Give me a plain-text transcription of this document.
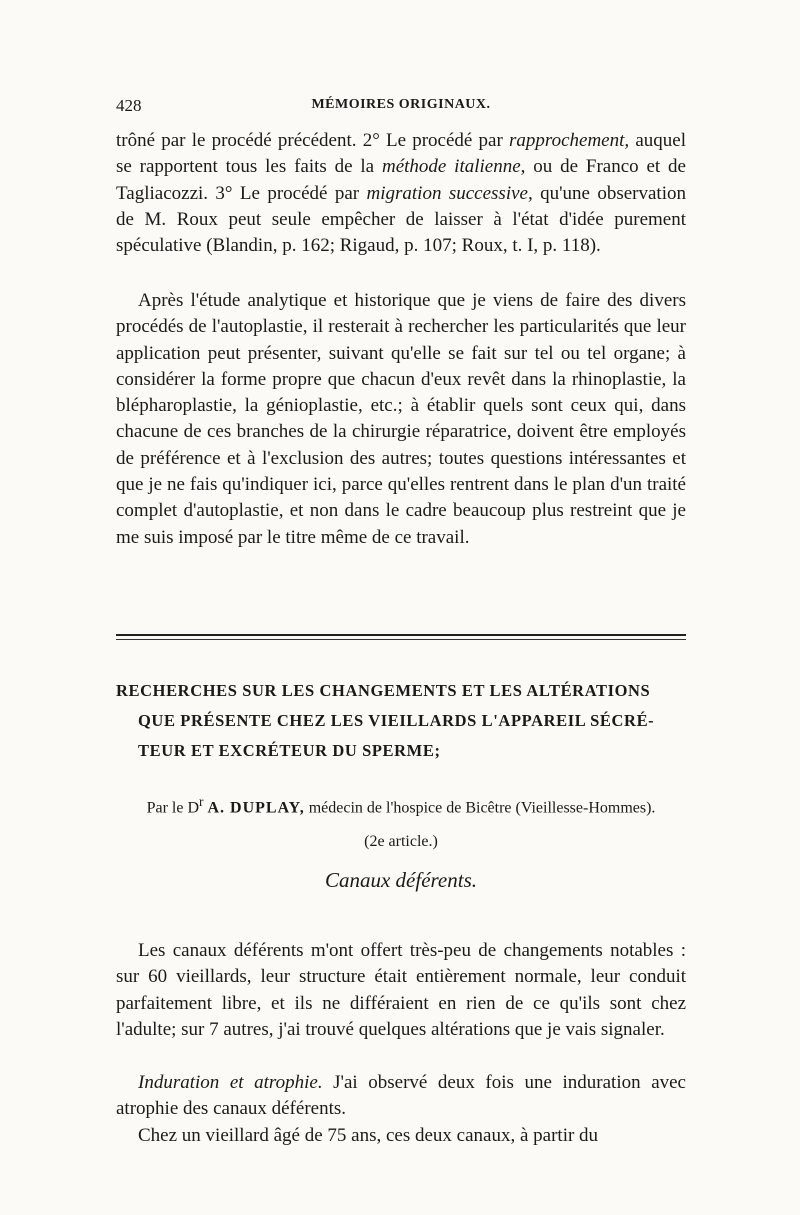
428	MÉMOIRES ORIGINAUX.

trôné par le procédé précédent. 2° Le procédé par rapprochement, auquel se rapportent tous les faits de la méthode italienne, ou de Franco et de Tagliacozzi. 3° Le procédé par migration successive, qu'une observation de M. Roux peut seule empêcher de laisser à l'état d'idée purement spéculative (Blandin, p. 162; Rigaud, p. 107; Roux, t. I, p. 118).

Après l'étude analytique et historique que je viens de faire des divers procédés de l'autoplastie, il resterait à rechercher les particularités que leur application peut présenter, suivant qu'elle se fait sur tel ou tel organe; à considérer la forme propre que chacun d'eux revêt dans la rhinoplastie, la blépharoplastie, la génioplastie, etc.; à établir quels sont ceux qui, dans chacune de ces branches de la chirurgie réparatrice, doivent être employés de préférence et à l'exclusion des autres; toutes questions intéressantes et que je ne fais qu'indiquer ici, parce qu'elles rentrent dans le plan d'un traité complet d'autoplastie, et non dans le cadre beaucoup plus restreint que je me suis imposé par le titre même de ce travail.

RECHERCHES SUR LES CHANGEMENTS ET LES ALTÉRATIONS
QUE PRÉSENTE CHEZ LES VIEILLARDS L'APPAREIL SÉCRÉ-
TEUR ET EXCRÉTEUR DU SPERME;
Par le $D^r$ A. DUPLAY, médecin de l'hospice de Bicêtre (Vieillesse-Hommes).
(2e article.)
Canaux déférents.

Les canaux déférents m'ont offert très-peu de changements notables : sur 60 vieillards, leur structure était entièrement normale, leur conduit parfaitement libre, et ils ne différaient en rien de ce qu'ils sont chez l'adulte; sur 7 autres, j'ai trouvé quelques altérations que je vais signaler.

Induration et atrophie. J'ai observé deux fois une induration avec atrophie des canaux déférents.

Chez un vieillard âgé de 75 ans, ces deux canaux, à partir du
